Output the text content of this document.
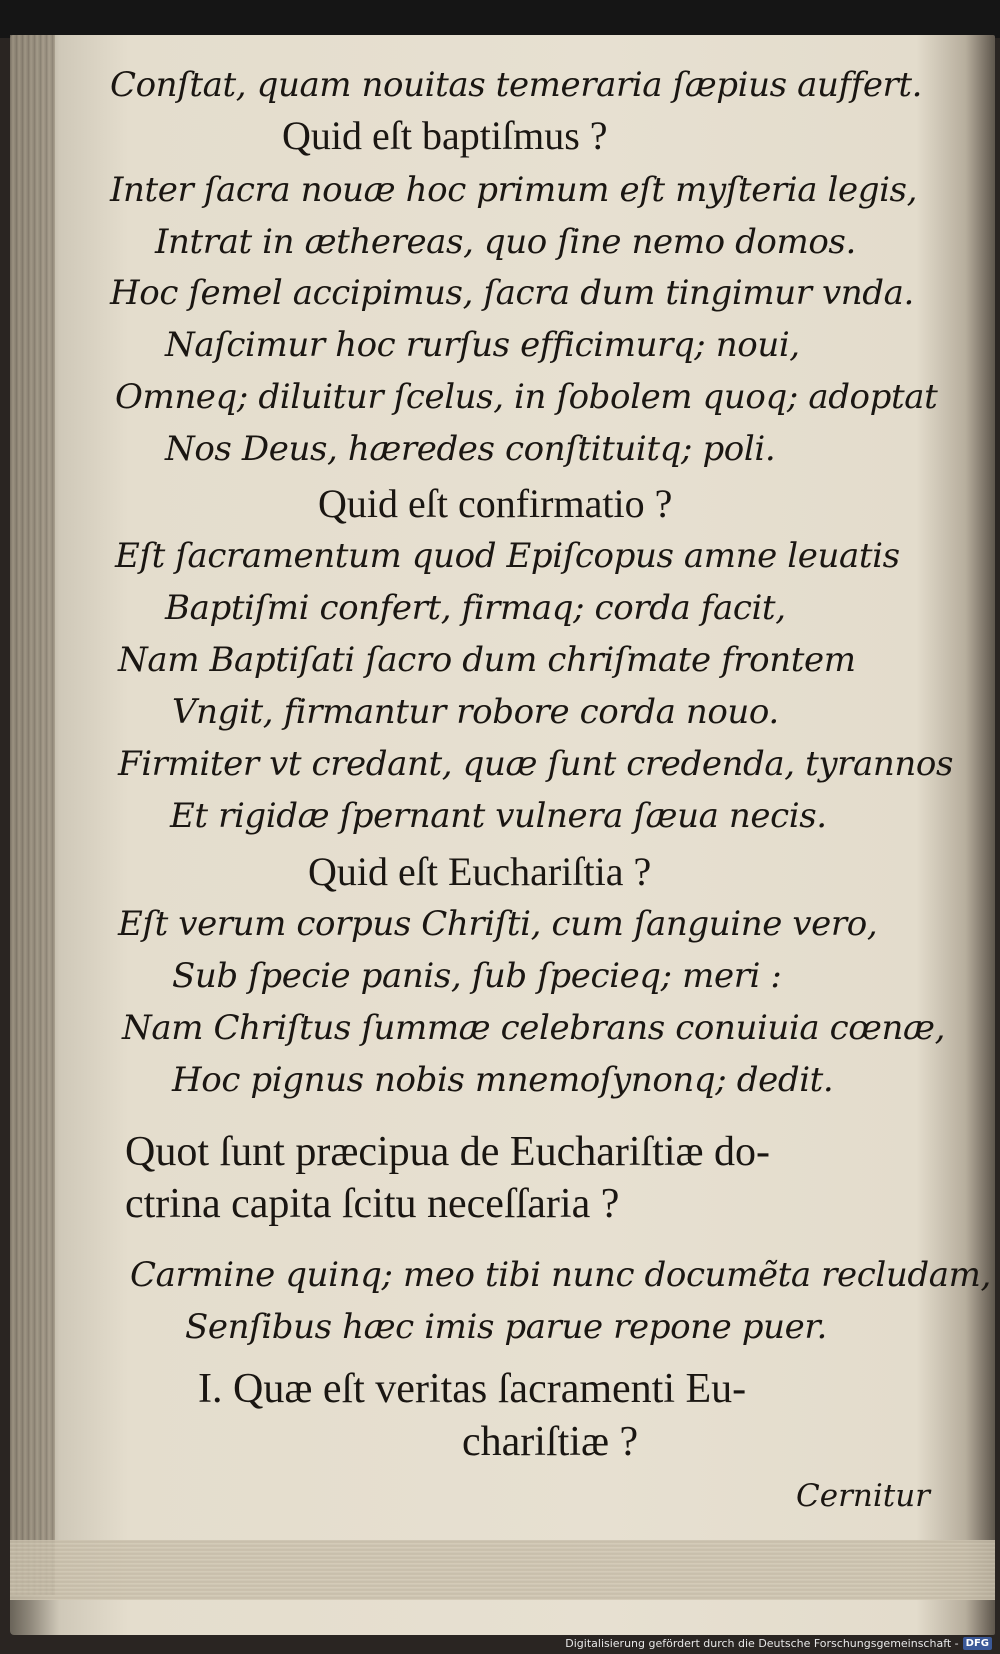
Conſtat, quam nouitas temeraria ſæpius auffert.
Quid eſt baptiſmus ?
Inter ſacra nouæ hoc primum eſt myſteria legis,
Intrat in æthereas, quo ſine nemo domos.
Hoc ſemel accipimus, ſacra dum tingimur vnda.
Naſcimur hoc rurſus efficimurq; noui,
Omneq; diluitur ſcelus, in ſobolem quoq; adoptat
Nos Deus, hæredes conſtituitq; poli.
Quid eſt confirmatio ?
Eſt ſacramentum quod Epiſcopus amne leuatis
Baptiſmi confert, firmaq; corda facit,
Nam Baptiſati ſacro dum chriſmate frontem
Vngit, firmantur robore corda nouo.
Firmiter vt credant, quæ ſunt credenda, tyrannos
Et rigidæ ſpernant vulnera ſæua necis.
Quid eſt Euchariſtia ?
Eſt verum corpus Chriſti, cum ſanguine vero,
Sub ſpecie panis, ſub ſpecieq; meri :
Nam Chriſtus ſummæ celebrans conuiuia cœnæ,
Hoc pignus nobis mnemoſynonq; dedit.
Quot ſunt præcipua de Euchariſtiæ do-
ctrina capita ſcitu neceſſaria ?
Carmine quinq; meo tibi nunc documẽta recludam,
Senſibus hæc imis parue repone puer.
I. Quæ eſt veritas ſacramenti Eu-
chariſtiæ ?
Cernitur
Digitalisierung gefördert durch die Deutsche Forschungsgemeinschaft - DFG
